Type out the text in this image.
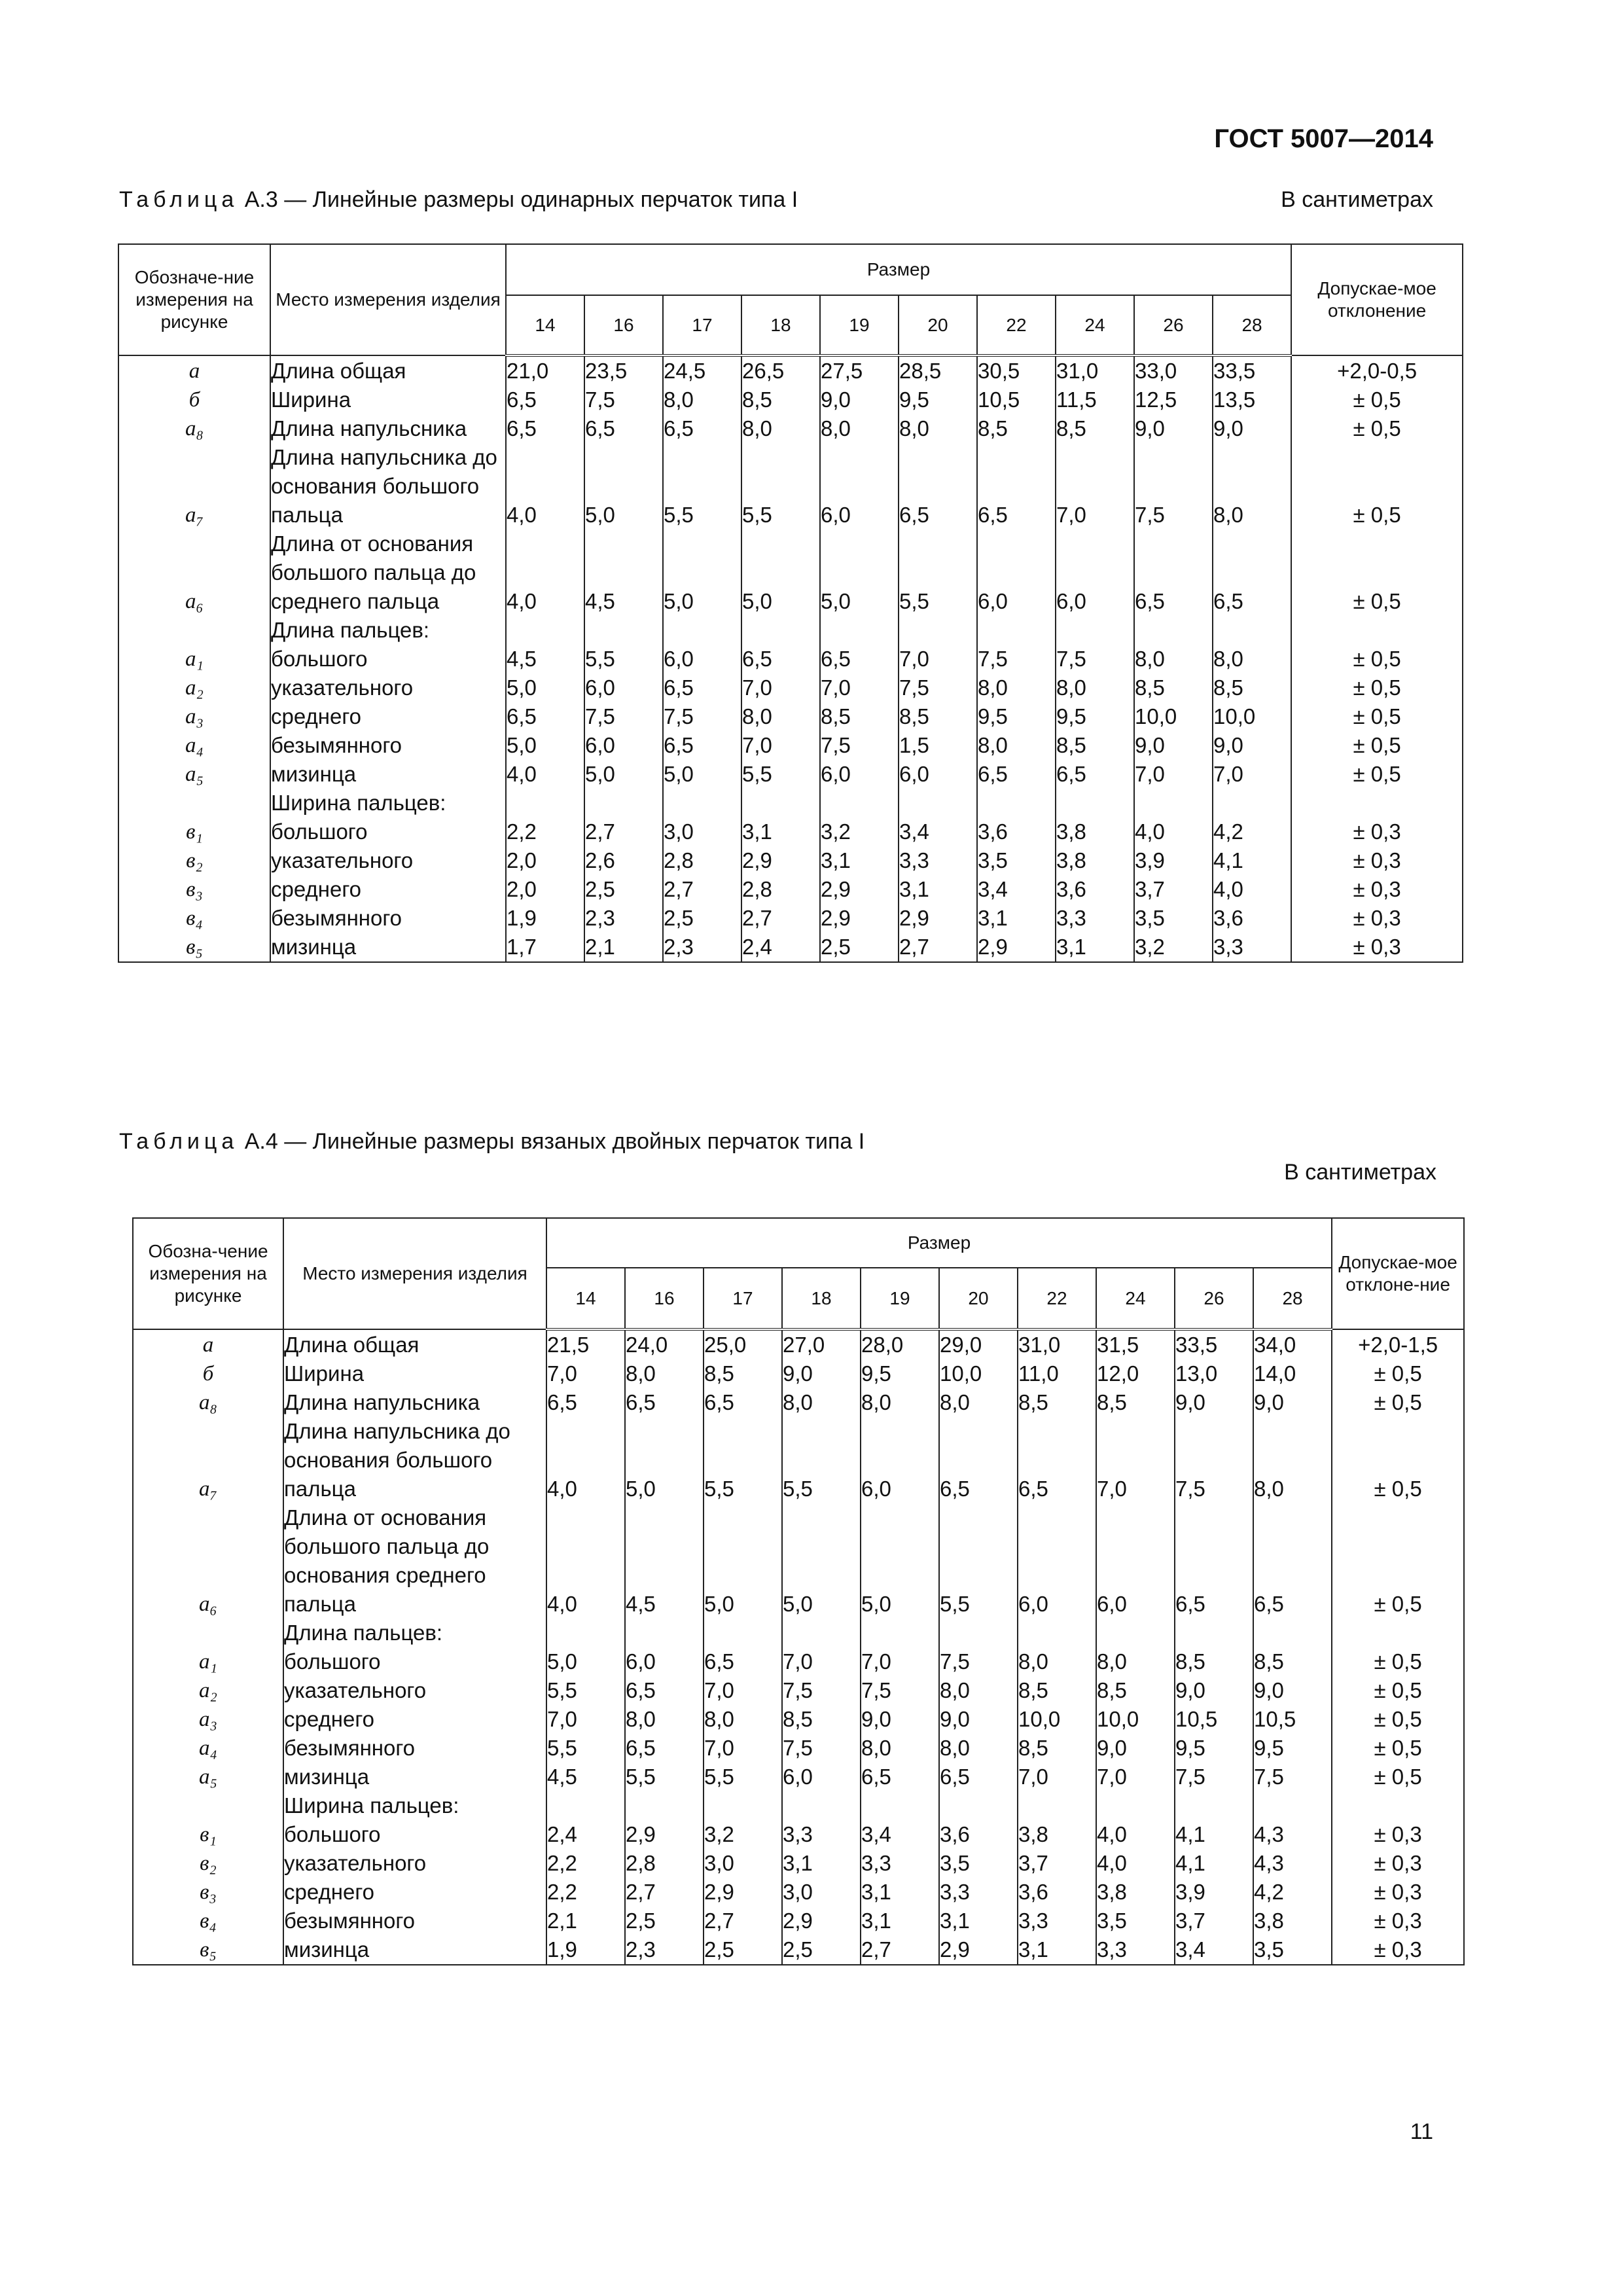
ГОСТ 5007—2014
Таблица А.3 — Линейные размеры одинарных перчаток типа I	В сантиметрах
Обозначе-ние измерения на рисунке	Место измерения изделия	Размер										Допускае-мое отклонение
		14	16	17	18	19	20	22	24	26	28	
а	Длина общая	21,0	23,5	24,5	26,5	27,5	28,5	30,5	31,0	33,0	33,5	+2,0-0,5
б	Ширина	6,5	7,5	8,0	8,5	9,0	9,5	10,5	11,5	12,5	13,5	± 0,5
а₈	Длина напульсника	6,5	6,5	6,5	8,0	8,0	8,0	8,5	8,5	9,0	9,0	± 0,5
а₇	Длина напульсника до основания большого пальца	4,0	5,0	5,5	5,5	6,0	6,5	6,5	7,0	7,5	8,0	± 0,5
а₆	Длина от основания большого пальца до среднего пальца	4,0	4,5	5,0	5,0	5,0	5,5	6,0	6,0	6,5	6,5	± 0,5
	Длина пальцев:											
а₁	большого	4,5	5,5	6,0	6,5	6,5	7,0	7,5	7,5	8,0	8,0	± 0,5
а₂	указательного	5,0	6,0	6,5	7,0	7,0	7,5	8,0	8,0	8,5	8,5	± 0,5
а₃	среднего	6,5	7,5	7,5	8,0	8,5	8,5	9,5	9,5	10,0	10,0	± 0,5
а₄	безымянного	5,0	6,0	6,5	7,0	7,5	1,5	8,0	8,5	9,0	9,0	± 0,5
а₅	мизинца	4,0	5,0	5,0	5,5	6,0	6,0	6,5	6,5	7,0	7,0	± 0,5
	Ширина пальцев:											
в₁	большого	2,2	2,7	3,0	3,1	3,2	3,4	3,6	3,8	4,0	4,2	± 0,3
в₂	указательного	2,0	2,6	2,8	2,9	3,1	3,3	3,5	3,8	3,9	4,1	± 0,3
в₃	среднего	2,0	2,5	2,7	2,8	2,9	3,1	3,4	3,6	3,7	4,0	± 0,3
в₄	безымянного	1,9	2,3	2,5	2,7	2,9	2,9	3,1	3,3	3,5	3,6	± 0,3
в₅	мизинца	1,7	2,1	2,3	2,4	2,5	2,7	2,9	3,1	3,2	3,3	± 0,3
Таблица А.4 — Линейные размеры вязаных двойных перчаток типа I
В сантиметрах
Обозна-чение измерения на рисунке	Место измерения изделия	Размер										Допускае-мое отклоне-ние
		14	16	17	18	19	20	22	24	26	28	
а	Длина общая	21,5	24,0	25,0	27,0	28,0	29,0	31,0	31,5	33,5	34,0	+2,0-1,5
б	Ширина	7,0	8,0	8,5	9,0	9,5	10,0	11,0	12,0	13,0	14,0	± 0,5
а₈	Длина напульсника	6,5	6,5	6,5	8,0	8,0	8,0	8,5	8,5	9,0	9,0	± 0,5
а₇	Длина напульсника до основания большого пальца	4,0	5,0	5,5	5,5	6,0	6,5	6,5	7,0	7,5	8,0	± 0,5
а₆	Длина от основания большого пальца до основания среднего пальца	4,0	4,5	5,0	5,0	5,0	5,5	6,0	6,0	6,5	6,5	± 0,5
	Длина пальцев:											
а₁	большого	5,0	6,0	6,5	7,0	7,0	7,5	8,0	8,0	8,5	8,5	± 0,5
а₂	указательного	5,5	6,5	7,0	7,5	7,5	8,0	8,5	8,5	9,0	9,0	± 0,5
а₃	среднего	7,0	8,0	8,0	8,5	9,0	9,0	10,0	10,0	10,5	10,5	± 0,5
а₄	безымянного	5,5	6,5	7,0	7,5	8,0	8,0	8,5	9,0	9,5	9,5	± 0,5
а₅	мизинца	4,5	5,5	5,5	6,0	6,5	6,5	7,0	7,0	7,5	7,5	± 0,5
	Ширина пальцев:											
в₁	большого	2,4	2,9	3,2	3,3	3,4	3,6	3,8	4,0	4,1	4,3	± 0,3
в₂	указательного	2,2	2,8	3,0	3,1	3,3	3,5	3,7	4,0	4,1	4,3	± 0,3
в₃	среднего	2,2	2,7	2,9	3,0	3,1	3,3	3,6	3,8	3,9	4,2	± 0,3
в₄	безымянного	2,1	2,5	2,7	2,9	3,1	3,1	3,3	3,5	3,7	3,8	± 0,3
в₅	мизинца	1,9	2,3	2,5	2,5	2,7	2,9	3,1	3,3	3,4	3,5	± 0,3
11
